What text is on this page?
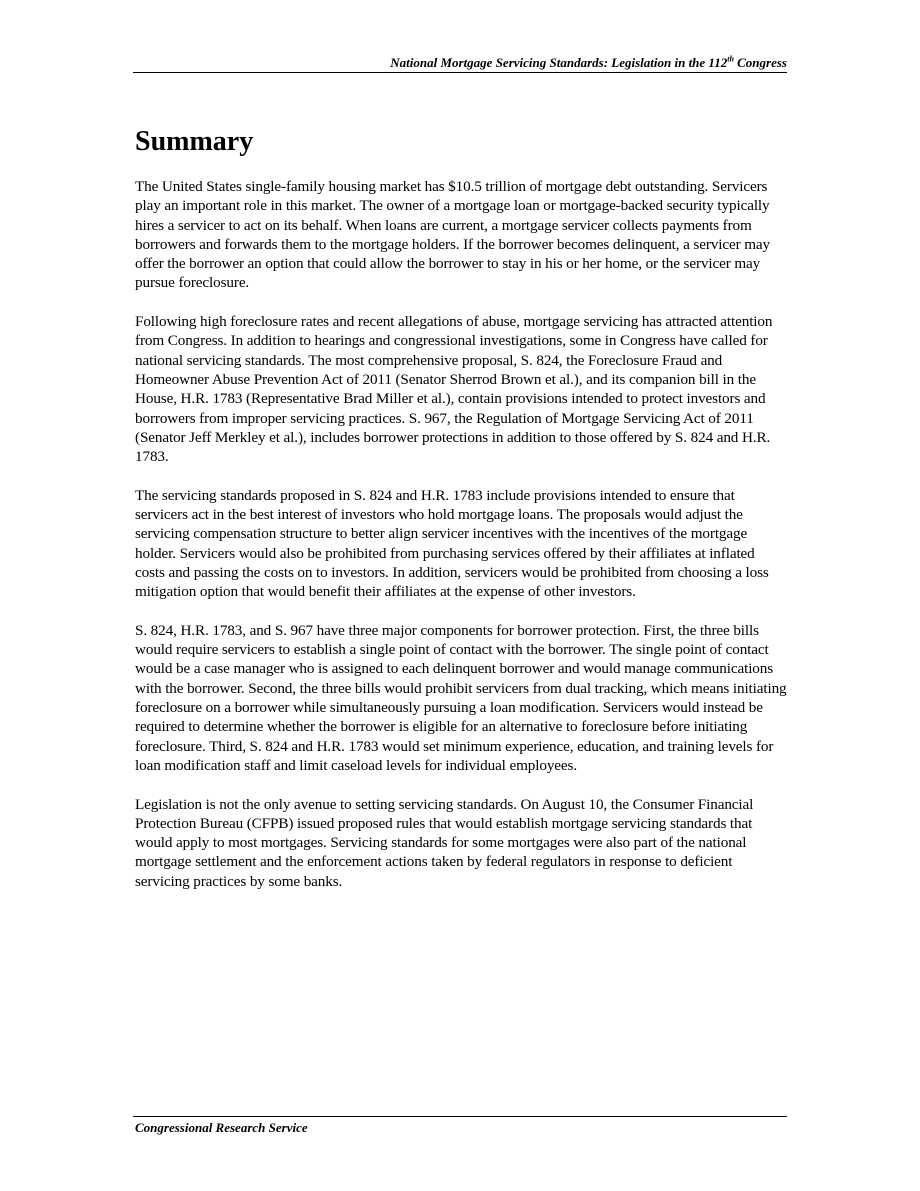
National Mortgage Servicing Standards: Legislation in the 112th Congress
Summary

The United States single-family housing market has $10.5 trillion of mortgage debt outstanding. Servicers play an important role in this market. The owner of a mortgage loan or mortgage-backed security typically hires a servicer to act on its behalf. When loans are current, a mortgage servicer collects payments from borrowers and forwards them to the mortgage holders. If the borrower becomes delinquent, a servicer may offer the borrower an option that could allow the borrower to stay in his or her home, or the servicer may pursue foreclosure.

Following high foreclosure rates and recent allegations of abuse, mortgage servicing has attracted attention from Congress. In addition to hearings and congressional investigations, some in Congress have called for national servicing standards. The most comprehensive proposal, S. 824, the Foreclosure Fraud and Homeowner Abuse Prevention Act of 2011 (Senator Sherrod Brown et al.), and its companion bill in the House, H.R. 1783 (Representative Brad Miller et al.), contain provisions intended to protect investors and borrowers from improper servicing practices. S. 967, the Regulation of Mortgage Servicing Act of 2011 (Senator Jeff Merkley et al.), includes borrower protections in addition to those offered by S. 824 and H.R. 1783.

The servicing standards proposed in S. 824 and H.R. 1783 include provisions intended to ensure that servicers act in the best interest of investors who hold mortgage loans. The proposals would adjust the servicing compensation structure to better align servicer incentives with the incentives of the mortgage holder. Servicers would also be prohibited from purchasing services offered by their affiliates at inflated costs and passing the costs on to investors. In addition, servicers would be prohibited from choosing a loss mitigation option that would benefit their affiliates at the expense of other investors.

S. 824, H.R. 1783, and S. 967 have three major components for borrower protection. First, the three bills would require servicers to establish a single point of contact with the borrower. The single point of contact would be a case manager who is assigned to each delinquent borrower and would manage communications with the borrower. Second, the three bills would prohibit servicers from dual tracking, which means initiating foreclosure on a borrower while simultaneously pursuing a loan modification. Servicers would instead be required to determine whether the borrower is eligible for an alternative to foreclosure before initiating foreclosure. Third, S. 824 and H.R. 1783 would set minimum experience, education, and training levels for loan modification staff and limit caseload levels for individual employees.

Legislation is not the only avenue to setting servicing standards. On August 10, the Consumer Financial Protection Bureau (CFPB) issued proposed rules that would establish mortgage servicing standards that would apply to most mortgages. Servicing standards for some mortgages were also part of the national mortgage settlement and the enforcement actions taken by federal regulators in response to deficient servicing practices by some banks.

Congressional Research Service
